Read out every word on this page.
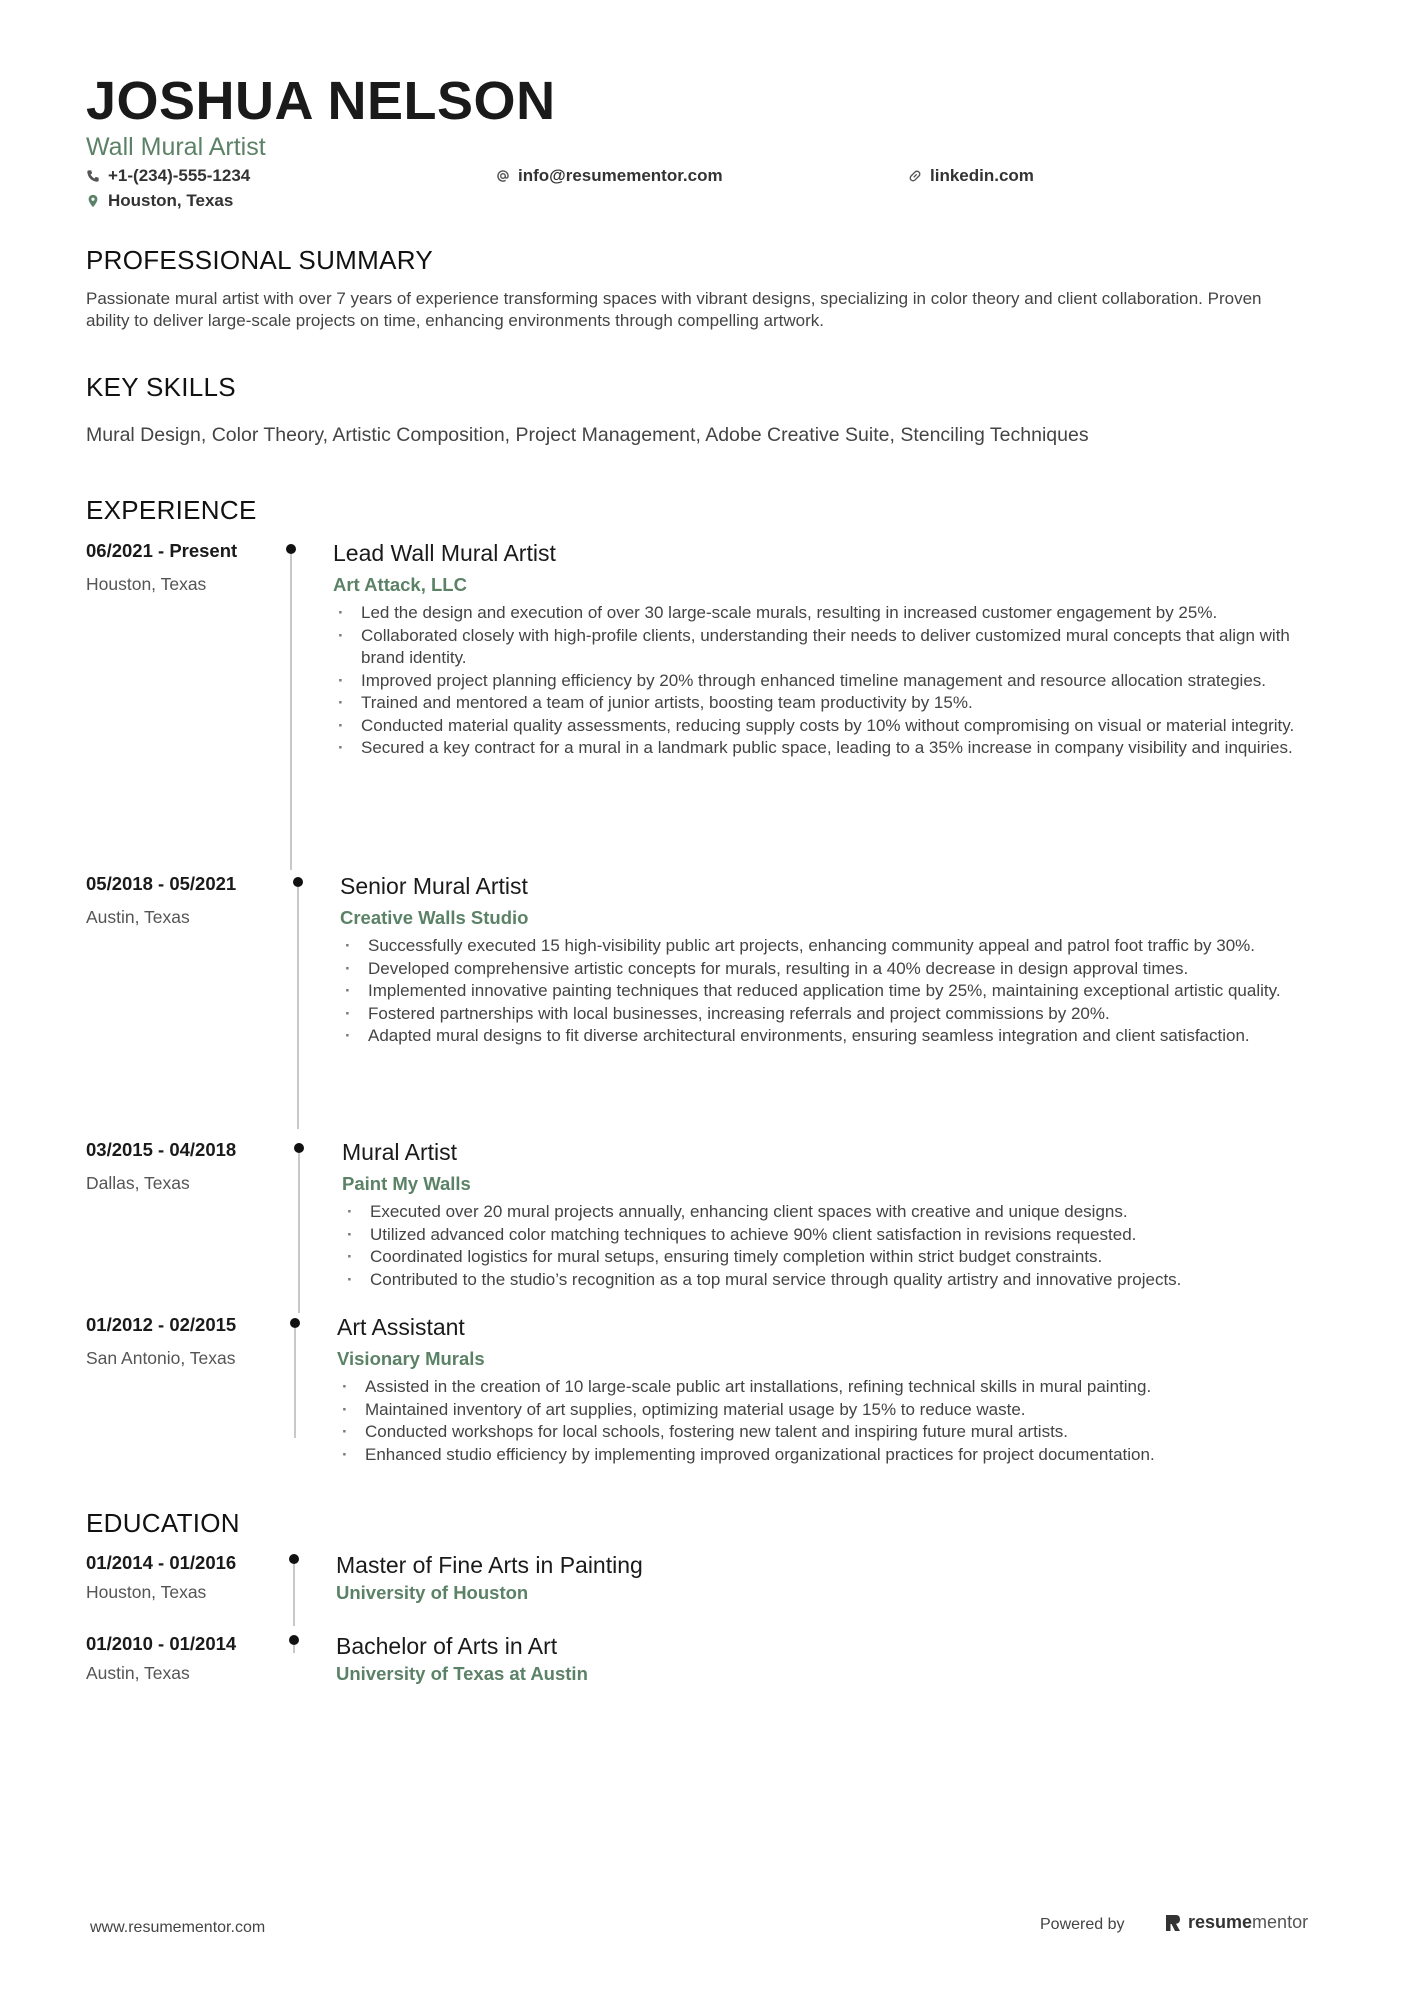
JOSHUA NELSON
Wall Mural Artist
+1-(234)-555-1234	info@resumementor.com	linkedin.com
Houston, Texas
PROFESSIONAL SUMMARY
Passionate mural artist with over 7 years of experience transforming spaces with vibrant designs, specializing in color theory and client collaboration. Proven ability to deliver large-scale projects on time, enhancing environments through compelling artwork.
KEY SKILLS
Mural Design, Color Theory, Artistic Composition, Project Management, Adobe Creative Suite, Stenciling Techniques
EXPERIENCE
06/2021 - Present
Houston, Texas
Lead Wall Mural Artist
Art Attack, LLC
· Led the design and execution of over 30 large-scale murals, resulting in increased customer engagement by 25%.
· Collaborated closely with high-profile clients, understanding their needs to deliver customized mural concepts that align with brand identity.
· Improved project planning efficiency by 20% through enhanced timeline management and resource allocation strategies.
· Trained and mentored a team of junior artists, boosting team productivity by 15%.
· Conducted material quality assessments, reducing supply costs by 10% without compromising on visual or material integrity.
· Secured a key contract for a mural in a landmark public space, leading to a 35% increase in company visibility and inquiries.
05/2018 - 05/2021
Austin, Texas
Senior Mural Artist
Creative Walls Studio
· Successfully executed 15 high-visibility public art projects, enhancing community appeal and patrol foot traffic by 30%.
· Developed comprehensive artistic concepts for murals, resulting in a 40% decrease in design approval times.
· Implemented innovative painting techniques that reduced application time by 25%, maintaining exceptional artistic quality.
· Fostered partnerships with local businesses, increasing referrals and project commissions by 20%.
· Adapted mural designs to fit diverse architectural environments, ensuring seamless integration and client satisfaction.
03/2015 - 04/2018
Dallas, Texas
Mural Artist
Paint My Walls
· Executed over 20 mural projects annually, enhancing client spaces with creative and unique designs.
· Utilized advanced color matching techniques to achieve 90% client satisfaction in revisions requested.
· Coordinated logistics for mural setups, ensuring timely completion within strict budget constraints.
· Contributed to the studio’s recognition as a top mural service through quality artistry and innovative projects.
01/2012 - 02/2015
San Antonio, Texas
Art Assistant
Visionary Murals
· Assisted in the creation of 10 large-scale public art installations, refining technical skills in mural painting.
· Maintained inventory of art supplies, optimizing material usage by 15% to reduce waste.
· Conducted workshops for local schools, fostering new talent and inspiring future mural artists.
· Enhanced studio efficiency by implementing improved organizational practices for project documentation.
EDUCATION
01/2014 - 01/2016
Houston, Texas
Master of Fine Arts in Painting
University of Houston
01/2010 - 01/2014
Austin, Texas
Bachelor of Arts in Art
University of Texas at Austin
www.resumementor.com	Powered by	resumementor
